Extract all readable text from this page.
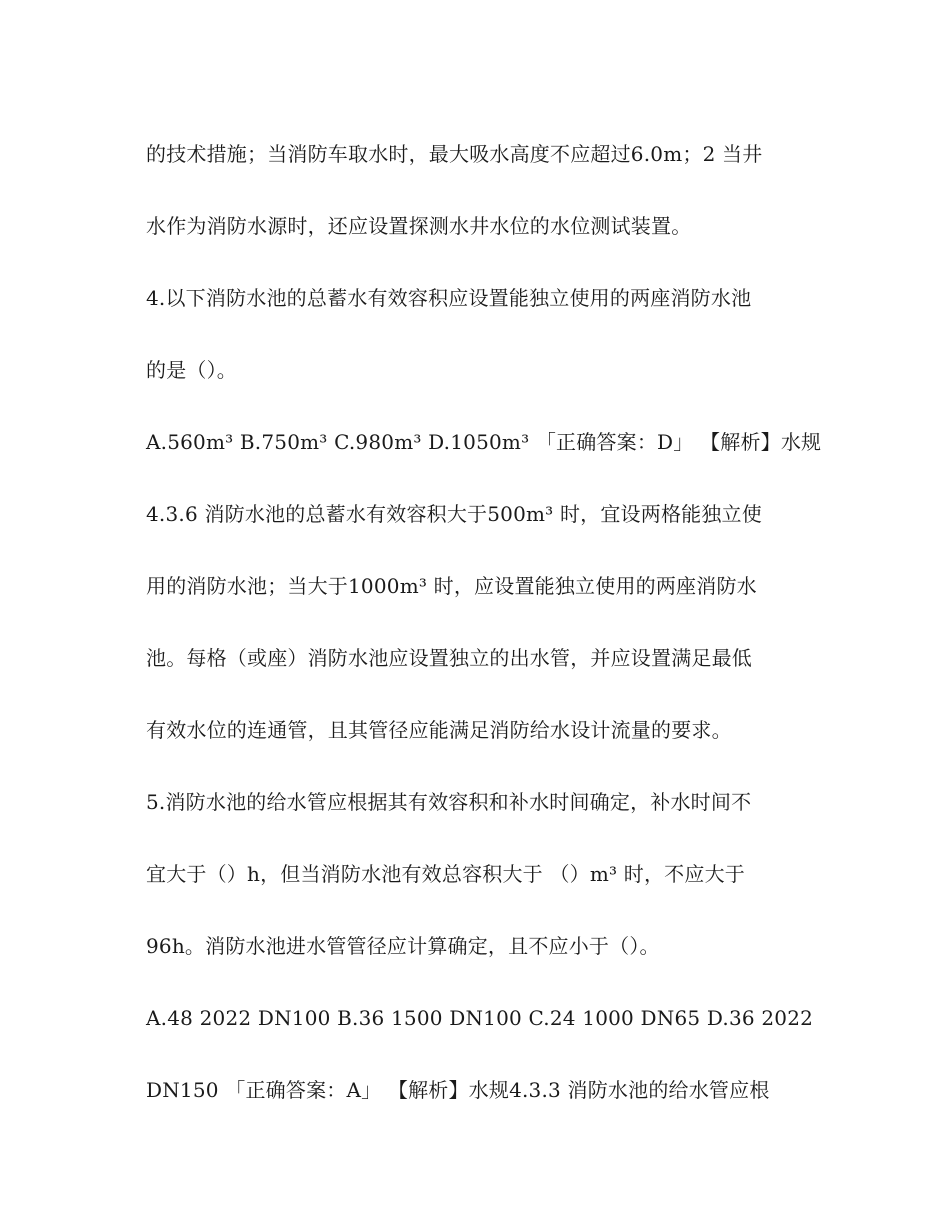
的技术措施；当消防车取水时，最大吸水高度不应超过6.0m；2 当井
水作为消防水源时，还应设置探测水井水位的水位测试装置。
4.以下消防水池的总蓄水有效容积应设置能独立使用的两座消防水池
的是（）。
A.560m³ B.750m³ C.980m³ D.1050m³ 「正确答案：D」 【解析】水规
4.3.6 消防水池的总蓄水有效容积大于500m³ 时，宜设两格能独立使
用的消防水池；当大于1000m³ 时，应设置能独立使用的两座消防水
池。每格（或座）消防水池应设置独立的出水管，并应设置满足最低
有效水位的连通管，且其管径应能满足消防给水设计流量的要求。
5.消防水池的给水管应根据其有效容积和补水时间确定，补水时间不
宜大于（）h，但当消防水池有效总容积大于 （）m³ 时，不应大于
96h。消防水池进水管管径应计算确定，且不应小于（）。
A.48 2022 DN100 B.36 1500 DN100 C.24 1000 DN65 D.36 2022
DN150 「正确答案：A」 【解析】水规4.3.3 消防水池的给水管应根
